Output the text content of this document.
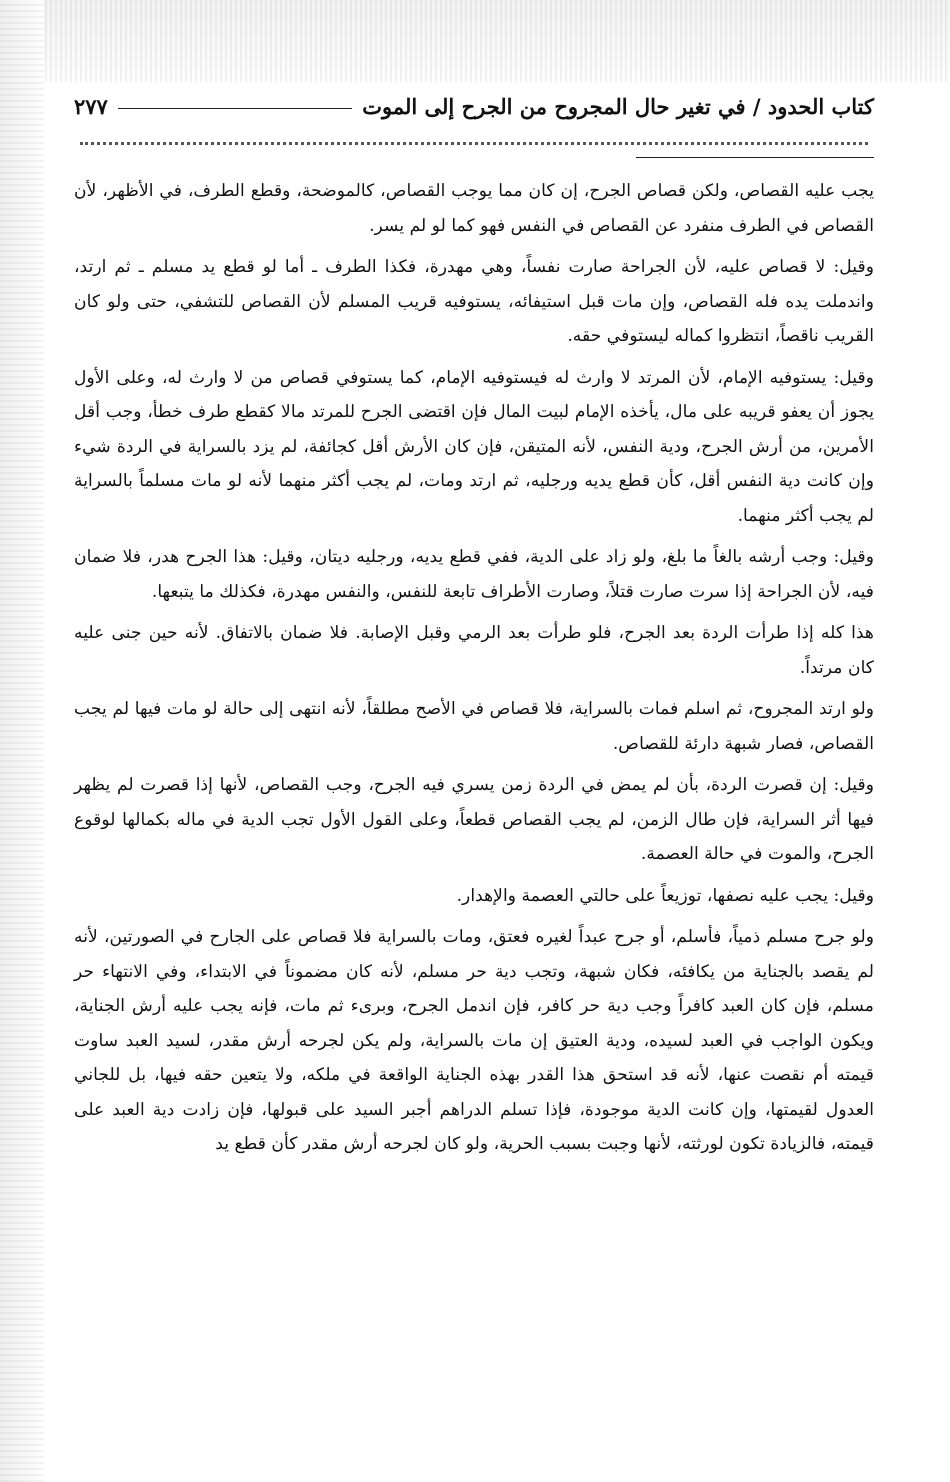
كتاب الحدود / في تغير حال المجروح من الجرح إلى الموت
٢٧٧

يجب عليه القصاص، ولكن قصاص الجرح، إن كان مما يوجب القصاص، كالموضحة، وقطع الطرف، في الأظهر، لأن القصاص في الطرف منفرد عن القصاص في النفس فهو كما لو لم يسر.

وقيل: لا قصاص عليه، لأن الجراحة صارت نفساً، وهي مهدرة، فكذا الطرف ـ أما لو قطع يد مسلم ـ ثم ارتد، واندملت يده فله القصاص، وإن مات قبل استيفائه، يستوفيه قريب المسلم لأن القصاص للتشفي، حتى ولو كان القريب ناقصاً، انتظروا كماله ليستوفي حقه.

وقيل: يستوفيه الإمام، لأن المرتد لا وارث له فيستوفيه الإمام، كما يستوفي قصاص من لا وارث له، وعلى الأول يجوز أن يعفو قريبه على مال، يأخذه الإمام لبيت المال فإن اقتضى الجرح للمرتد مالا كقطع طرف خطأ، وجب أقل الأمرين، من أرش الجرح، ودية النفس، لأنه المتيقن، فإن كان الأرش أقل كجائفة، لم يزد بالسراية في الردة شيء وإن كانت دية النفس أقل، كأن قطع يديه ورجليه، ثم ارتد ومات، لم يجب أكثر منهما لأنه لو مات مسلماً بالسراية لم يجب أكثر منهما.

وقيل: وجب أرشه بالغاً ما بلغ، ولو زاد على الدية، ففي قطع يديه، ورجليه ديتان، وقيل: هذا الجرح هدر، فلا ضمان فيه، لأن الجراحة إذا سرت صارت قتلاً، وصارت الأطراف تابعة للنفس، والنفس مهدرة، فكذلك ما يتبعها.

هذا كله إذا طرأت الردة بعد الجرح، فلو طرأت بعد الرمي وقبل الإصابة. فلا ضمان بالاتفاق. لأنه حين جنى عليه كان مرتداً.

ولو ارتد المجروح، ثم اسلم فمات بالسراية، فلا قصاص في الأصح مطلقاً، لأنه انتهى إلى حالة لو مات فيها لم يجب القصاص، فصار شبهة دارئة للقصاص.

وقيل: إن قصرت الردة، بأن لم يمض في الردة زمن يسري فيه الجرح، وجب القصاص، لأنها إذا قصرت لم يظهر فيها أثر السراية، فإن طال الزمن، لم يجب القصاص قطعاً، وعلى القول الأول تجب الدية في ماله بكمالها لوقوع الجرح، والموت في حالة العصمة.

وقيل: يجب عليه نصفها، توزيعاً على حالتي العصمة والإهدار.

ولو جرح مسلم ذمياً، فأسلم، أو جرح عبداً لغيره فعتق، ومات بالسراية فلا قصاص على الجارح في الصورتين، لأنه لم يقصد بالجناية من يكافئه، فكان شبهة، وتجب دية حر مسلم، لأنه كان مضموناً في الابتداء، وفي الانتهاء حر مسلم، فإن كان العبد كافراً وجب دية حر كافر، فإن اندمل الجرح، وبرىء ثم مات، فإنه يجب عليه أرش الجناية، ويكون الواجب في العبد لسيده، ودية العتيق إن مات بالسراية، ولم يكن لجرحه أرش مقدر، لسيد العبد ساوت قيمته أم نقصت عنها، لأنه قد استحق هذا القدر بهذه الجناية الواقعة في ملكه، ولا يتعين حقه فيها، بل للجاني العدول لقيمتها، وإن كانت الدية موجودة، فإذا تسلم الدراهم أجبر السيد على قبولها، فإن زادت دية العبد على قيمته، فالزيادة تكون لورثته، لأنها وجبت بسبب الحرية، ولو كان لجرحه أرش مقدر كأن قطع يد
